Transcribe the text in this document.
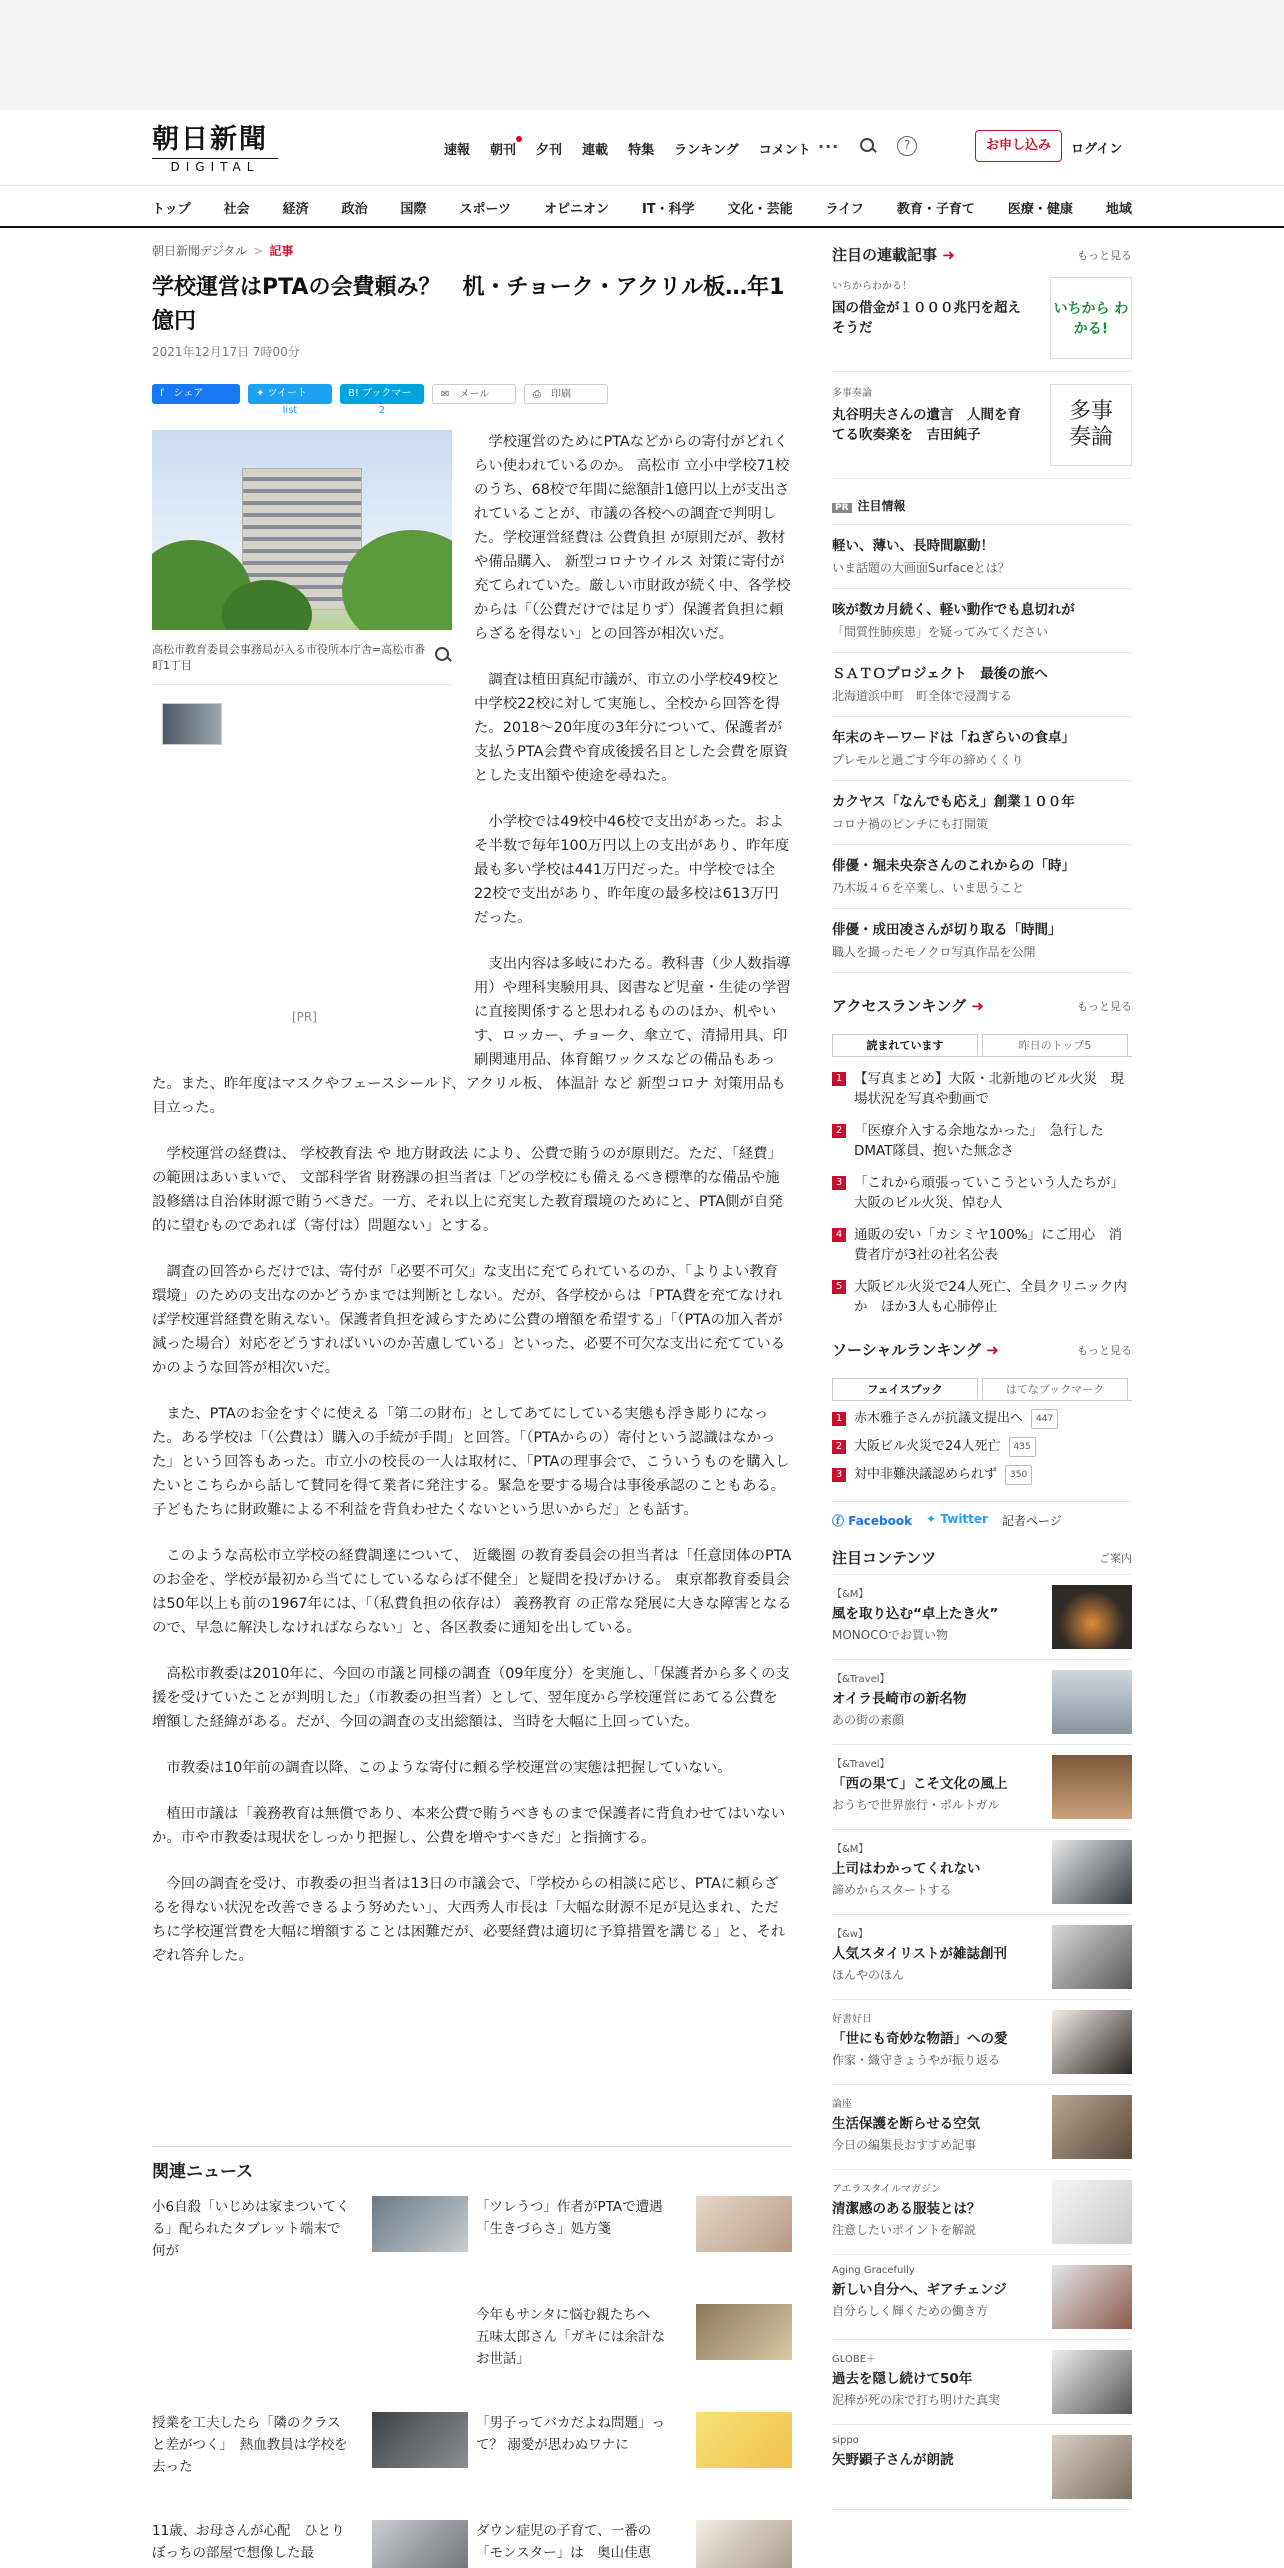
朝日新聞
DIGITAL
速報 朝刊 夕刊 連載 特集 ランキング コメント ···	?	お申し込み	ログイン
トップ	社会	経済	政治	国際	スポーツ	オピニオン	IT・科学	文化・芸能	ライフ	教育・子育て	医療・健康	地域
朝日新聞デジタル > 記事
学校運営はPTAの会費頼み？　机・チョーク・アクリル板…年1億円
2021年12月17日 7時00分
f　シェア	✦ ツイート
list
B! ブックマーク	2
✉　メール	⎙　印刷
高松市教育委員会事務局が入る市役所本庁舎=高松市番町1丁目
[PR]

学校運営のためにPTAなどからの寄付がどれくらい使われているのか。 高松市 立小中学校71校のうち、68校で年間に総額計1億円以上が支出されていることが、市議の各校への調査で判明した。学校運営経費は 公費負担 が原則だが、教材や備品購入、 新型コロナウイルス 対策に寄付が充てられていた。厳しい市財政が続く中、各学校からは「（公費だけでは足りず）保護者負担に頼らざるを得ない」との回答が相次いだ。

調査は植田真紀市議が、市立の小学校49校と中学校22校に対して実施し、全校から回答を得た。2018～20年度の3年分について、保護者が支払うPTA会費や育成後援名目とした会費を原資とした支出額や使途を尋ねた。

小学校では49校中46校で支出があった。およそ半数で毎年100万円以上の支出があり、昨年度最も多い学校は441万円だった。中学校では全22校で支出があり、昨年度の最多校は613万円だった。

支出内容は多岐にわたる。教科書（少人数指導用）や理科実験用具、図書など児童・生徒の学習に直接関係すると思われるもののほか、机やいす、ロッカー、チョーク、傘立て、清掃用具、印刷関連用品、体育館ワックスなどの備品もあった。また、昨年度はマスクやフェースシールド、アクリル板、 体温計 など 新型コロナ 対策用品も目立った。

学校運営の経費は、 学校教育法 や 地方財政法 により、公費で賄うのが原則だ。ただ、「経費」の範囲はあいまいで、 文部科学省 財務課の担当者は「どの学校にも備えるべき標準的な備品や施設修繕は自治体財源で賄うべきだ。一方、それ以上に充実した教育環境のためにと、PTA側が自発的に望むものであれば（寄付は）問題ない」とする。

調査の回答からだけでは、寄付が「必要不可欠」な支出に充てられているのか、「よりよい教育環境」のための支出なのかどうかまでは判断としない。だが、各学校からは「PTA費を充てなければ学校運営経費を賄えない。保護者負担を減らすために公費の増額を希望する」「（PTAの加入者が減った場合）対応をどうすればいいのか苦慮している」といった、必要不可欠な支出に充てているかのような回答が相次いだ。

また、PTAのお金をすぐに使える「第二の財布」としてあてにしている実態も浮き彫りになった。ある学校は「（公費は）購入の手続が手間」と回答。「（PTAからの）寄付という認識はなかった」という回答もあった。市立小の校長の一人は取材に、「PTAの理事会で、こういうものを購入したいとこちらから話して賛同を得て業者に発注する。緊急を要する場合は事後承認のこともある。子どもたちに財政難による不利益を背負わせたくないという思いからだ」とも話す。

このような高松市立学校の経費調達について、 近畿圏 の教育委員会の担当者は「任意団体のPTAのお金を、学校が最初から当てにしているならば不健全」と疑問を投げかける。 東京都教育委員会 は50年以上も前の1967年には、「（私費負担の依存は） 義務教育 の正常な発展に大きな障害となるので、早急に解決しなければならない」と、各区教委に通知を出している。

高松市教委は2010年に、今回の市議と同様の調査（09年度分）を実施し、「保護者から多くの支援を受けていたことが判明した」（市教委の担当者）として、翌年度から学校運営にあてる公費を増額した経緯がある。だが、今回の調査の支出総額は、当時を大幅に上回っていた。

市教委は10年前の調査以降、このような寄付に頼る学校運営の実態は把握していない。

植田市議は「義務教育は無償であり、本来公費で賄うべきものまで保護者に背負わせてはいないか。市や市教委は現状をしっかり把握し、公費を増やすべきだ」と指摘する。

今回の調査を受け、市教委の担当者は13日の市議会で、「学校からの相談に応じ、PTAに頼らざるを得ない状況を改善できるよう努めたい」、大西秀人市長は「大幅な財源不足が見込まれ、ただちに学校運営費を大幅に増額することは困難だが、必要経費は適切に予算措置を講じる」と、それぞれ答弁した。

関連ニュース
小6自殺「いじめは家まついてくる」配られたタブレット端末で何が
「ツレうつ」作者がPTAで遭遇　「生きづらさ」処方箋
今年もサンタに悩む親たちへ　五味太郎さん「ガキには余計なお世話」
授業を工夫したら「隣のクラスと差がつく」　熱血教員は学校を去った
「男子ってバカだよね問題」って？ 溺愛が思わぬワナに
11歳、お母さんが心配　ひとりぼっちの部屋で想像した最
ダウン症児の子育て、一番の「モンスター」は　奥山佳恵
注目の連載記事 ➜	もっと見る
いちからわかる！
国の借金が１０００兆円を超えそうだ
いちから わかる!
多事奏論
丸谷明夫さんの遺言　人間を育てる吹奏楽を　吉田純子
多事奏論
PR 注目情報
軽い、薄い、長時間駆動！
いま話題の大画面Surfaceとは？
咳が数カ月続く、軽い動作でも息切れが
「間質性肺疾患」を疑ってみてください
ＳＡＴＯプロジェクト　最後の旅へ
北海道浜中町　町全体で浸潤する
年末のキーワードは「ねぎらいの食卓」
プレモルと過ごす今年の締めくくり
カクヤス「なんでも応え」創業１００年
コロナ禍のピンチにも打開策
俳優・堀未央奈さんのこれからの「時」
乃木坂４６を卒業し、いま思うこと
俳優・成田凌さんが切り取る「時間」
職人を撮ったモノクロ写真作品を公開
アクセスランキング ➜	もっと見る
読まれています	昨日のトップ5
1 【写真まとめ】大阪・北新地のビル火災　現場状況を写真や動画で
2 「医療介入する余地なかった」　急行したDMAT隊員、抱いた無念さ
3 「これから頑張っていこうという人たちが」　大阪のビル火災、悼む人
4 通販の安い「カシミヤ100%」にご用心　消費者庁が3社の社名公表
5 大阪ビル火災で24人死亡、全員クリニック内か　ほか3人も心肺停止
ソーシャルランキング ➜	もっと見る
フェイスブック	はてなブックマーク
1 赤木雅子さんが抗議文提出へ	447
2 大阪ビル火災で24人死亡	435
3 対中非難決議認められず	350
ⓕ Facebook ✦ Twitter 記者ページ
注目コンテンツ	ご案内
【&M】
風を取り込む“卓上たき火”
MONOCOでお買い物
【&Travel】
オイラ長崎市の新名物
あの街の素顔
【&Travel】
「西の果て」こそ文化の風上
おうちで世界旅行・ポルトガル
【&M】
上司はわかってくれない
諦めからスタートする
【&w】
人気スタイリストが雑誌創刊
ほんやのほん
好書好日
「世にも奇妙な物語」への愛
作家・織守きょうやが振り返る
論座
生活保護を断らせる空気
今日の編集長おすすめ記事
アエラスタイルマガジン
清潔感のある服装とは？
注意したいポイントを解説
Aging Gracefully
新しい自分へ、ギアチェンジ
自分らしく輝くための働き方
GLOBE＋
過去を隠し続けて50年
泥棒が死の床で打ち明けた真実
sippo
矢野顕子さんが朗読
